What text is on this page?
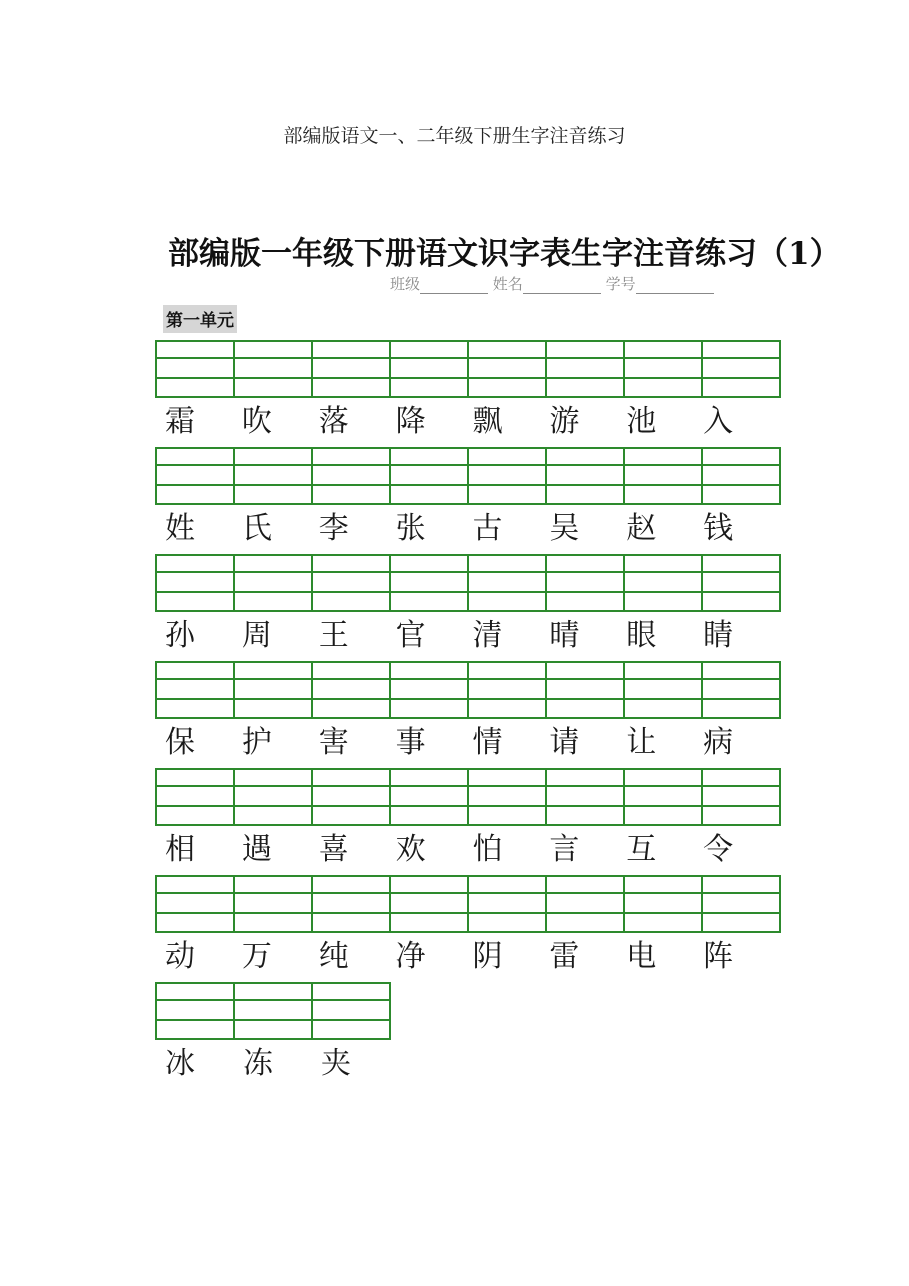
部编版语文一、二年级下册生字注音练习
部编版一年级下册语文识字表生字注音练习（1）
班级	姓名	学号
第一单元
霜	吹	落	降	飘	游	池	入
姓	氏	李	张	古	吴	赵	钱
孙	周	王	官	清	晴	眼	睛
保	护	害	事	情	请	让	病
相	遇	喜	欢	怕	言	互	令
动	万	纯	净	阴	雷	电	阵
冰	冻	夹
